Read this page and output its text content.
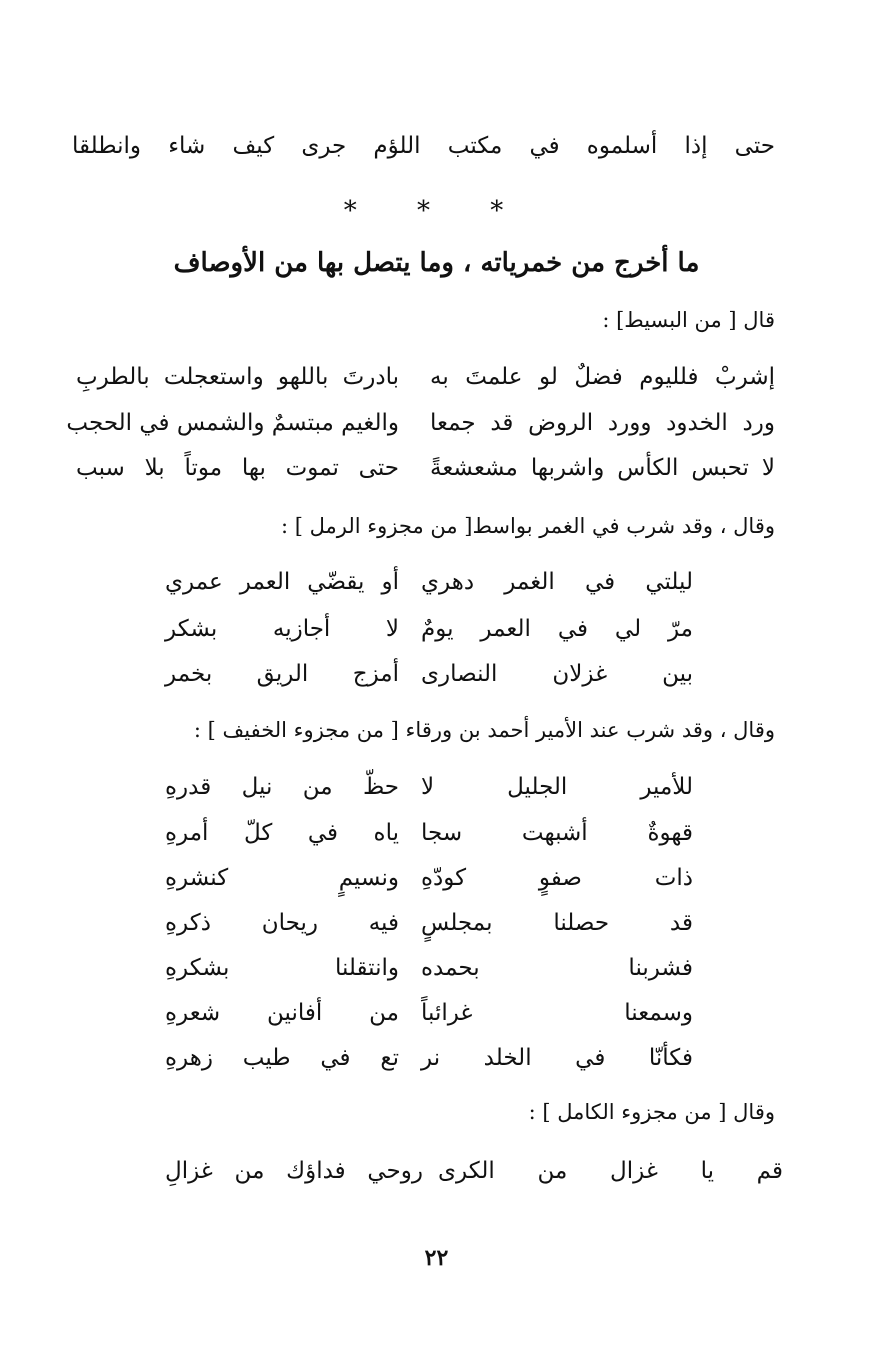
حتى إذا أسلموه في مكتب اللؤم جرى كيف شاء وانطلقا
* * *
ما أخرج من خمرياته ، وما يتصل بها من الأوصاف
قال [ من البسيط] :
إشربْ فلليوم فضلٌ لو علمتَ به
بادرتَ باللهو واستعجلت بالطربِ
ورد الخدود وورد الروض قد جمعا
والغيم مبتسمٌ والشمس في الحجب
لا تحبس الكأس واشربها مشعشعةً
حتى تموت بها موتاً بلا سبب
وقال ، وقد شرب في الغمر بواسط[ من مجزوء الرمل ] :
ليلتي في الغمر دهري
أو يقضّي العمر عمري
مرّ لي في العمر يومٌ
لا أجازيه بشكر
بين غزلان النصارى
أمزج الريق بخمر
وقال ، وقد شرب عند الأمير أحمد بن ورقاء [ من مجزوء الخفيف ] :
للأمير الجليل لا
حظّ من نيل قدرهِ
قهوةٌ أشبهت سجا
ياه في كلّ أمرهِ
ذات صفوٍ كودّهِ
ونسيمٍ كنشرهِ
قد حصلنا بمجلسٍ
فيه ريحان ذكرهِ
فشربنا بحمده
وانتقلنا بشكرهِ
وسمعنا غرائباً
من أفانين شعرهِ
فكأنّا في الخلد نر
تع في طيب زهرهِ
وقال [ من مجزوء الكامل ] :
قم يا غزال من الكرى
روحي فداؤك من غزالِ
٢٢
